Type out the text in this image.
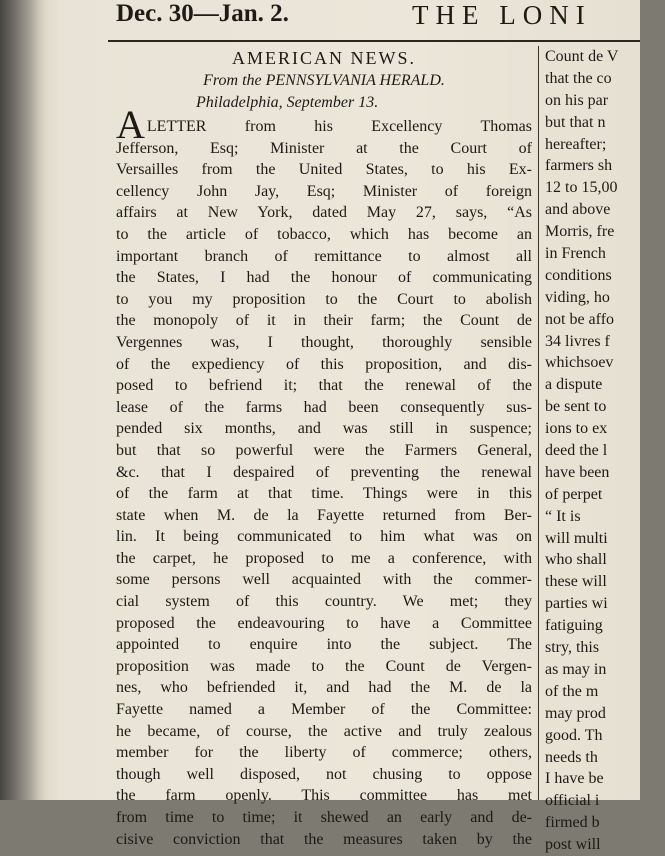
Dec. 30—Jan. 2.	THE LONI

AMERICAN NEWS.

From the PENNSYLVANIA HERALD.

Philadelphia, September 13.

ALETTER from his Excellency Thomas
Jefferson, Esq; Minister at the Court of
Versailles from the United States, to his Ex-
cellency John Jay, Esq; Minister of foreign
affairs at New York, dated May 27, says, “As
to the article of tobacco, which has become an
important branch of remittance to almost all
the States, I had the honour of communicating
to you my proposition to the Court to abolish
the monopoly of it in their farm; the Count de
Vergennes was, I thought, thoroughly sensible
of the expediency of this proposition, and dis-
posed to befriend it; that the renewal of the
lease of the farms had been consequently sus-
pended six months, and was still in suspence;
but that so powerful were the Farmers General,
&c. that I despaired of preventing the renewal
of the farm at that time. Things were in this
state when M. de la Fayette returned from Ber-
lin. It being communicated to him what was on
the carpet, he proposed to me a conference, with
some persons well acquainted with the commer-
cial system of this country. We met; they
proposed the endeavouring to have a Committee
appointed to enquire into the subject. The
proposition was made to the Count de Vergen-
nes, who befriended it, and had the M. de la
Fayette named a Member of the Committee:
he became, of course, the active and truly zealous
member for the liberty of commerce; others,
though well disposed, not chusing to oppose
the farm openly. This committee has met
from time to time; it shewed an early and de-
cisive conviction that the measures taken by the
Count de V
that the co
on his par
but that n
hereafter;
farmers sh
12 to 15,00
and above
Morris, fre
in French
conditions
viding, ho
not be affo
34 livres f
whichsoev
a dispute
be sent to
ions to ex
deed the l
have been
of perpet
“ It is
will multi
who shall
these will
parties wi
fatiguing
stry, this
as may in
of the m
may prod
good. Th
needs th
I have be
official i
firmed b
post will
